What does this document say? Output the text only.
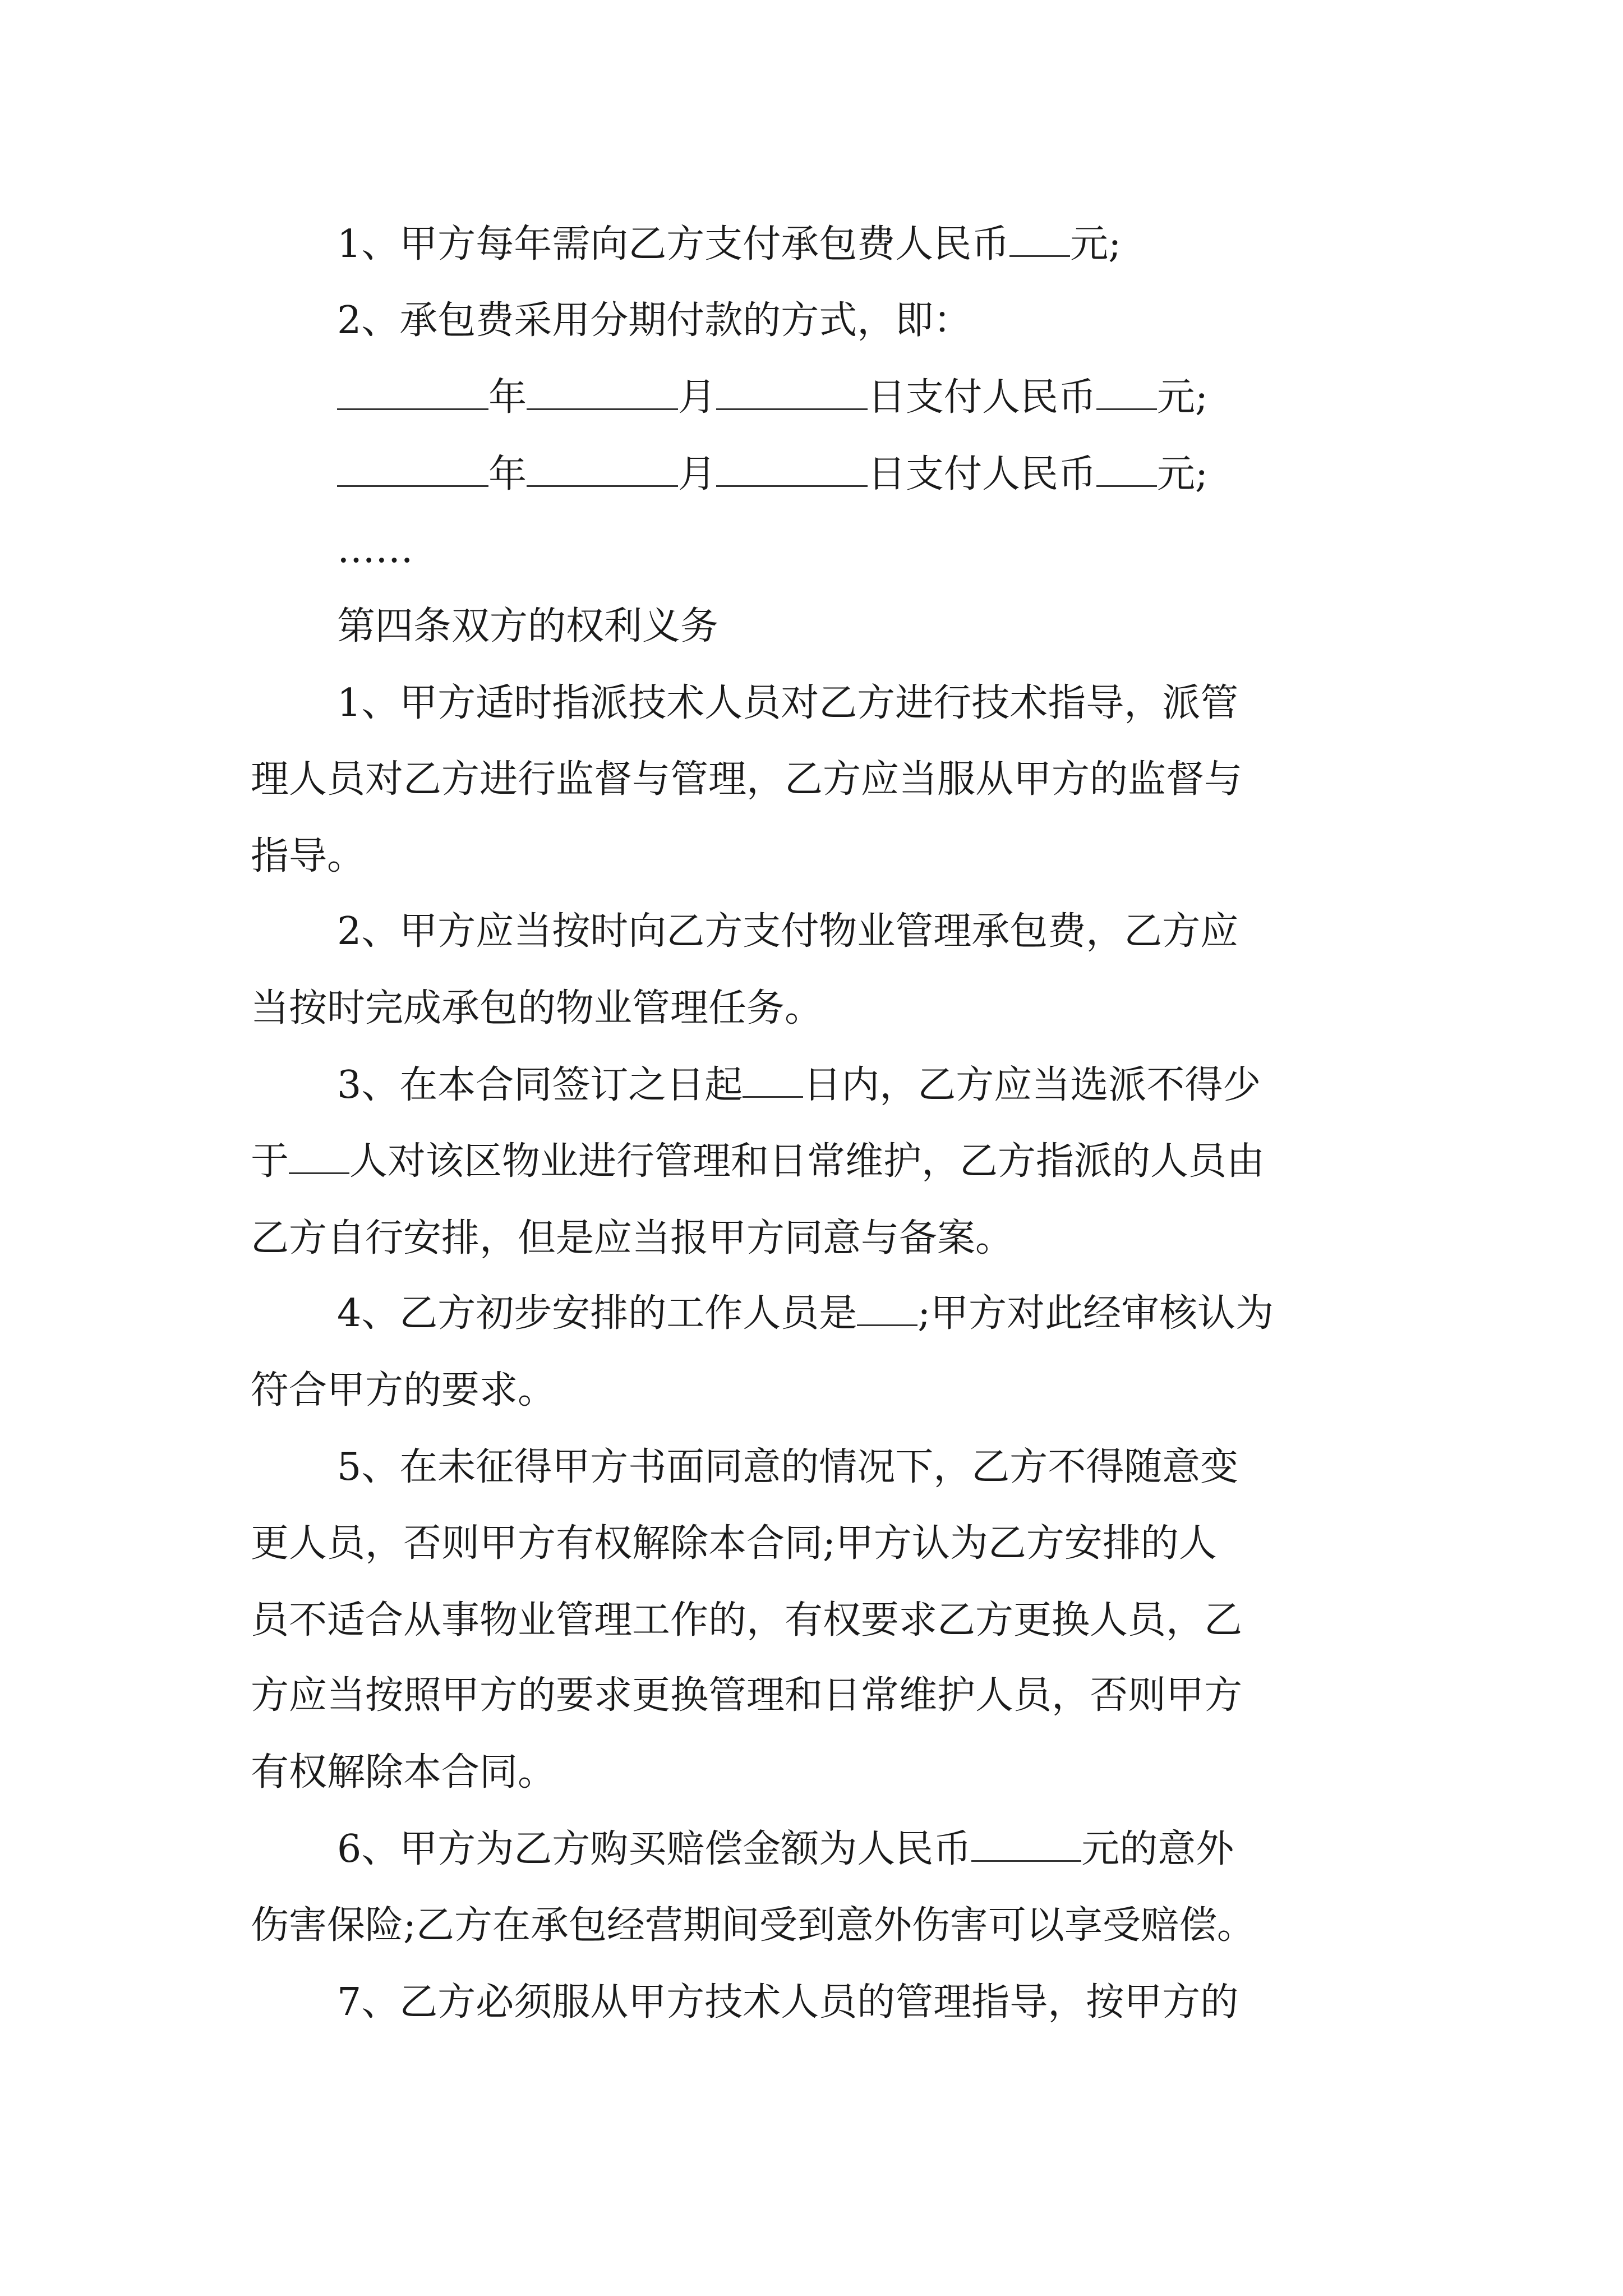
1、甲方每年需向乙方支付承包费人民币 元;

2、承包费采用分期付款的方式，即：

年	月	日支付人民币 元;

年	月	日支付人民币 元;

……

第四条双方的权利义务

1、甲方适时指派技术人员对乙方进行技术指导，派管

理人员对乙方进行监督与管理，乙方应当服从甲方的监督与

指导。

2、甲方应当按时向乙方支付物业管理承包费，乙方应

当按时完成承包的物业管理任务。

3、在本合同签订之日起 日内，乙方应当选派不得少

于 人对该区物业进行管理和日常维护，乙方指派的人员由

乙方自行安排，但是应当报甲方同意与备案。

4、乙方初步安排的工作人员是 ;甲方对此经审核认为

符合甲方的要求。

5、在未征得甲方书面同意的情况下，乙方不得随意变

更人员，否则甲方有权解除本合同;甲方认为乙方安排的人

员不适合从事物业管理工作的，有权要求乙方更换人员，乙

方应当按照甲方的要求更换管理和日常维护人员，否则甲方

有权解除本合同。

6、甲方为乙方购买赔偿金额为人民币	元的意外

伤害保险;乙方在承包经营期间受到意外伤害可以享受赔偿。

7、乙方必须服从甲方技术人员的管理指导，按甲方的
